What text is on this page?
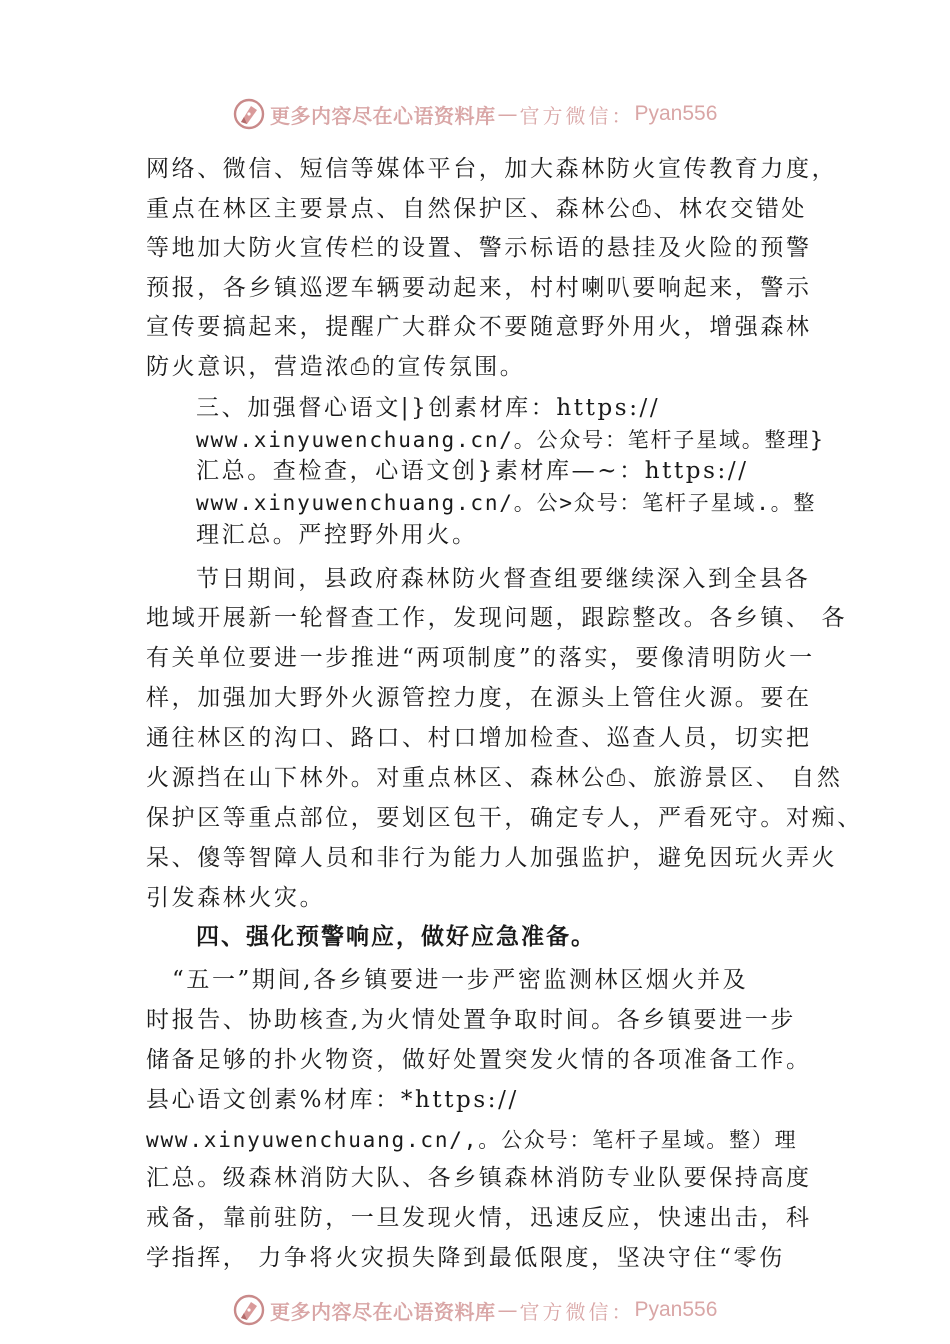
更多内容尽在心语资料库 — 官方微信： Pyan556
网络、微信、短信等媒体平台，加大森林防火宣传教育力度，
重点在林区主要景点、自然保护区、森林公⎙、林农交错处
等地加大防火宣传栏的设置、警示标语的悬挂及火险的预警
预报，各乡镇巡逻车辆要动起来，村村喇叭要响起来，警示
宣传要搞起来，提醒广大群众不要随意野外用火，增强森林
防火意识，营造浓⎙的宣传氛围。
三、加强督心语文|}创素材库：https://
www.xinyuwenchuang.cn/。公众号：笔杆子星域。整理}
汇总。查检查，心语文创}素材库—~：https://
www.xinyuwenchuang.cn/。公>众号：笔杆子星域.。整
理汇总。严控野外用火。
节日期间，县政府森林防火督查组要继续深入到全县各
地域开展新一轮督查工作，发现问题，跟踪整改。各乡镇、 各
有关单位要进一步推进“两项制度”的落实，要像清明防火一
样，加强加大野外火源管控力度，在源头上管住火源。要在
通往林区的沟口、路口、村口增加检查、巡查人员，切实把
火源挡在山下林外。对重点林区、森林公⎙、旅游景区、 自然
保护区等重点部位，要划区包干，确定专人，严看死守。对痴、
呆、傻等智障人员和非行为能力人加强监护，避免因玩火弄火
引发森林火灾。
四、强化预警响应，做好应急准备。
“五一”期间,各乡镇要进一步严密监测林区烟火并及
时报告、协助核查,为火情处置争取时间。各乡镇要进一步
储备足够的扑火物资，做好处置突发火情的各项准备工作。
县心语文创素%材库：*https://
www.xinyuwenchuang.cn/,。公众号：笔杆子星域。整）理
汇总。级森林消防大队、各乡镇森林消防专业队要保持高度
戒备，靠前驻防，一旦发现火情，迅速反应，快速出击，科
学指挥， 力争将火灾损失降到最低限度，坚决守住“零伤
更多内容尽在心语资料库 — 官方微信： Pyan556
